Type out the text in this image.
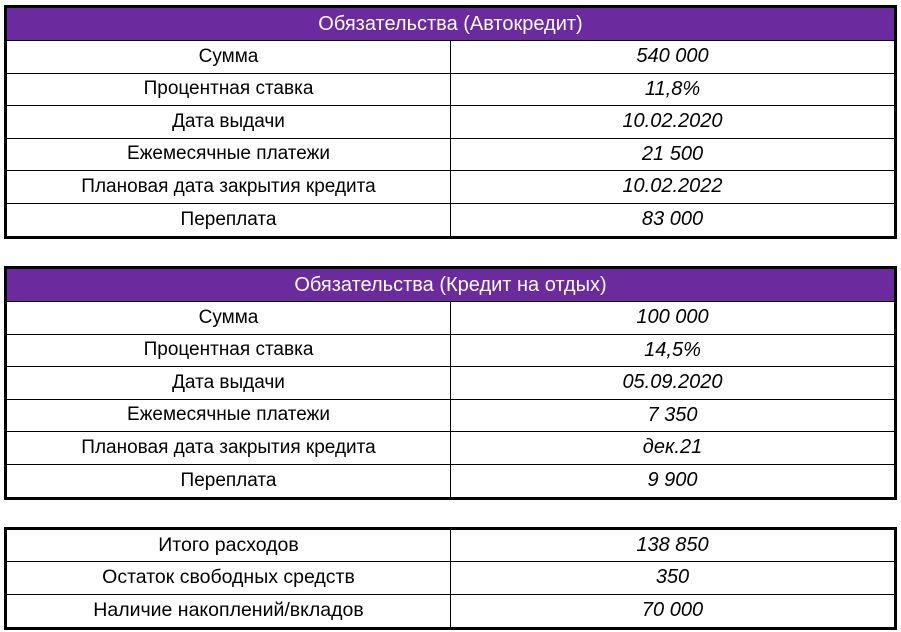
Обязательства (Автокредит)
Сумма	540 000
Процентная ставка	11,8%
Дата выдачи	10.02.2020
Ежемесячные платежи	21 500
Плановая дата закрытия кредита	10.02.2022
Переплата	83 000
Обязательства (Кредит на отдых)
Сумма	100 000
Процентная ставка	14,5%
Дата выдачи	05.09.2020
Ежемесячные платежи	7 350
Плановая дата закрытия кредита	дек.21
Переплата	9 900
Итого расходов	138 850
Остаток свободных средств	350
Наличие накоплений/вкладов	70 000
